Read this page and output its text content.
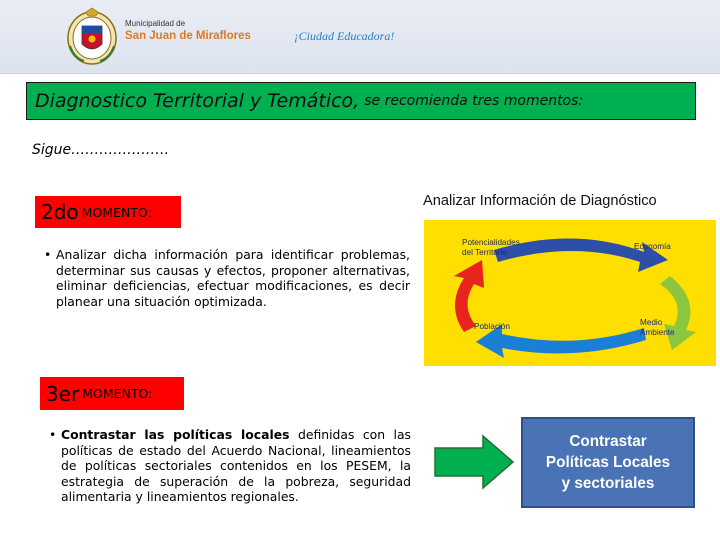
Municipalidad de
San Juan de Miraflores	¡Ciudad Educadora!
Diagnostico Territorial y Temático, se recomienda tres momentos:
Sigue…………………
2do MOMENTO:
• Analizar dicha información para identificar problemas, determinar sus causas y efectos, proponer alternativas, eliminar deficiencias, efectuar modificaciones, es decir planear una situación optimizada.
Analizar Información de Diagnóstico
Potencialidades
del Territorio
Economía
Medio
Ambiente
Población
3er MOMENTO:
• Contrastar las políticas locales definidas con las políticas de estado del Acuerdo Nacional, lineamientos de políticas sectoriales contenidos en los PESEM, la estrategia de superación de la pobreza, seguridad alimentaria y lineamientos regionales.
Contrastar
Políticas Locales
y sectoriales
